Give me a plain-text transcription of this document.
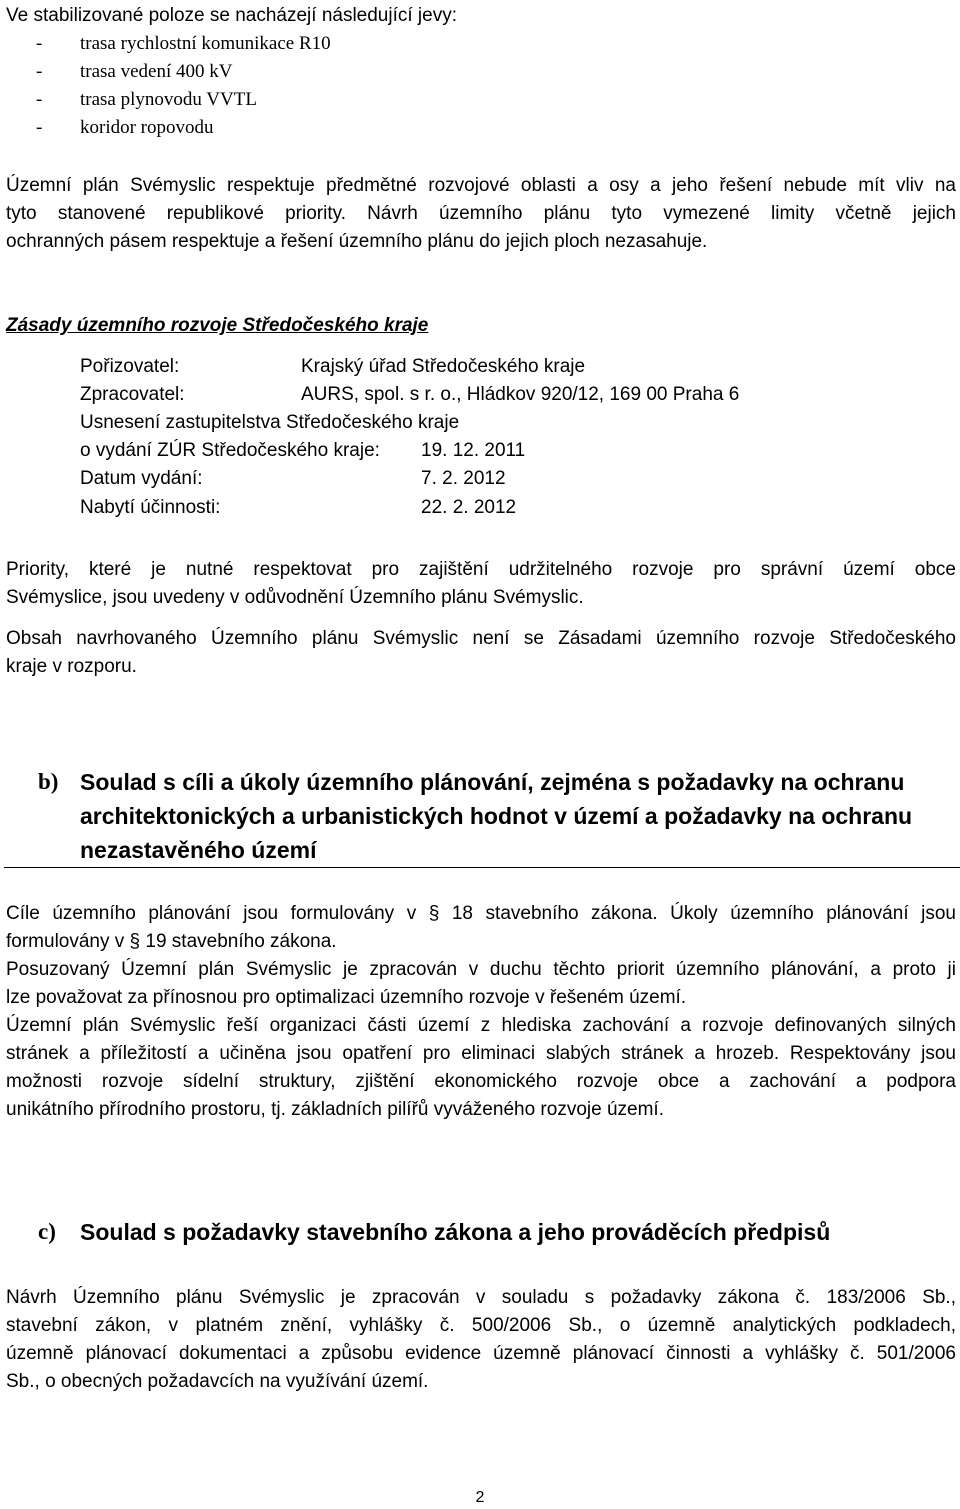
Ve stabilizované poloze se nacházejí následující jevy:
- trasa rychlostní komunikace R10
- trasa vedení 400 kV
- trasa plynovodu VVTL
- koridor ropovodu
Územní plán Svémyslic respektuje předmětné rozvojové oblasti a osy a jeho řešení nebude mít vliv na
tyto stanovené republikové priority. Návrh územního plánu tyto vymezené limity včetně jejich
ochranných pásem respektuje a řešení územního plánu do jejich ploch nezasahuje.
Zásady územního rozvoje Středočeského kraje
Pořizovatel:	Krajský úřad Středočeského kraje
Zpracovatel:	AURS, spol. s r. o., Hládkov 920/12, 169 00 Praha 6
Usnesení zastupitelstva Středočeského kraje
o vydání ZÚR Středočeského kraje: 19. 12. 2011
Datum vydání:	7. 2. 2012
Nabytí účinnosti:	22. 2. 2012
Priority, které je nutné respektovat pro zajištění udržitelného rozvoje pro správní území obce
Svémyslice, jsou uvedeny v odůvodnění Územního plánu Svémyslic.
Obsah navrhovaného Územního plánu Svémyslic není se Zásadami územního rozvoje Středočeského
kraje v rozporu.
b) Soulad s cíli a úkoly územního plánování, zejména s požadavky na ochranu
architektonických a urbanistických hodnot v území a požadavky na ochranu
nezastavěného území
Cíle územního plánování jsou formulovány v § 18 stavebního zákona. Úkoly územního plánování jsou
formulovány v § 19 stavebního zákona.
Posuzovaný Územní plán Svémyslic je zpracován v duchu těchto priorit územního plánování, a proto ji
lze považovat za přínosnou pro optimalizaci územního rozvoje v řešeném území.
Územní plán Svémyslic řeší organizaci části území z hlediska zachování a rozvoje definovaných silných
stránek a příležitostí a učiněna jsou opatření pro eliminaci slabých stránek a hrozeb. Respektovány jsou
možnosti rozvoje sídelní struktury, zjištění ekonomického rozvoje obce a zachování a podpora
unikátního přírodního prostoru, tj. základních pilířů vyváženého rozvoje území.
c) Soulad s požadavky stavebního zákona a jeho prováděcích předpisů
Návrh Územního plánu Svémyslic je zpracován v souladu s požadavky zákona č. 183/2006 Sb.,
stavební zákon, v platném znění, vyhlášky č. 500/2006 Sb., o územně analytických podkladech,
územně plánovací dokumentaci a způsobu evidence územně plánovací činnosti a vyhlášky č. 501/2006
Sb., o obecných požadavcích na využívání území.
2
